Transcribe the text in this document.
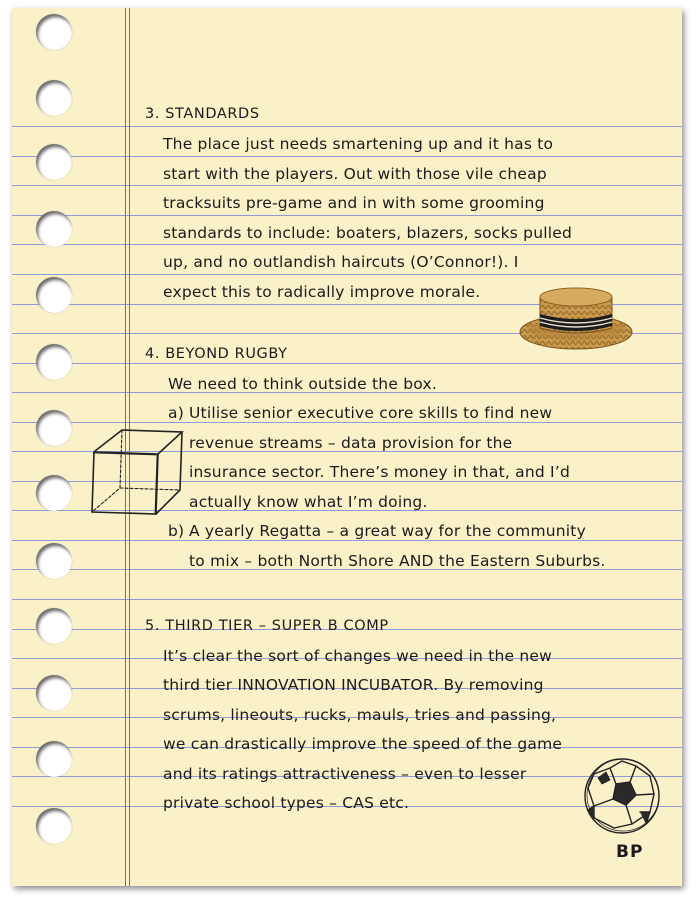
3. STANDARDS

The place just needs smartening up and it has to

start with the players. Out with those vile cheap

tracksuits pre-game and in with some grooming

standards to include: boaters, blazers, socks pulled

up, and no outlandish haircuts (O’Connor!). I

expect this to radically improve morale.

4. BEYOND RUGBY

We need to think outside the box.

a) Utilise senior executive core skills to find new

revenue streams – data provision for the

insurance sector. There’s money in that, and I’d

actually know what I’m doing.

b) A yearly Regatta – a great way for the community

to mix – both North Shore AND the Eastern Suburbs.

5. THIRD TIER – SUPER B COMP

It’s clear the sort of changes we need in the new

third tier INNOVATION INCUBATOR. By removing

scrums, lineouts, rucks, mauls, tries and passing,

we can drastically improve the speed of the game

and its ratings attractiveness – even to lesser

private school types – CAS etc.

BP
